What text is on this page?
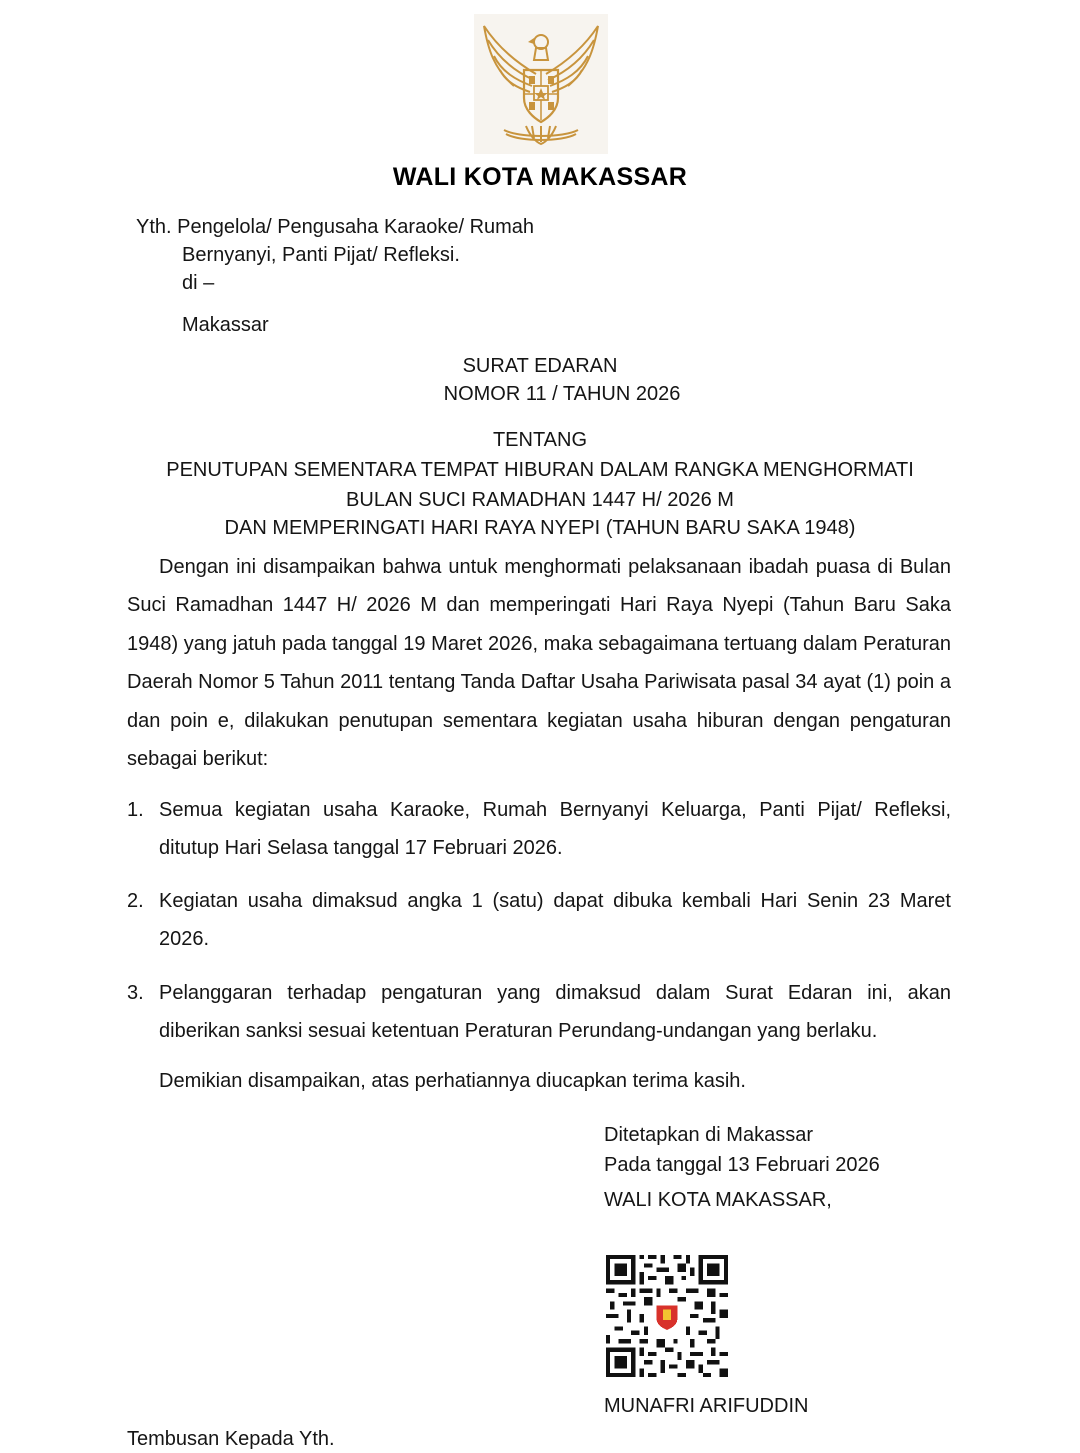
WALI KOTA MAKASSAR
Yth. Pengelola/ Pengusaha Karaoke/ Rumah
Bernyanyi, Panti Pijat/ Refleksi.
di –
Makassar
SURAT EDARAN
NOMOR 11 / TAHUN 2026
TENTANG
PENUTUPAN SEMENTARA TEMPAT HIBURAN DALAM RANGKA MENGHORMATI
BULAN SUCI RAMADHAN 1447 H/ 2026 M
DAN MEMPERINGATI HARI RAYA NYEPI (TAHUN BARU SAKA 1948)
Dengan ini disampaikan bahwa untuk menghormati pelaksanaan ibadah puasa di Bulan Suci Ramadhan 1447 H/ 2026 M dan memperingati Hari Raya Nyepi (Tahun Baru Saka 1948) yang jatuh pada tanggal 19 Maret 2026, maka sebagaimana tertuang dalam Peraturan Daerah Nomor 5 Tahun 2011 tentang Tanda Daftar Usaha Pariwisata pasal 34 ayat (1) poin a dan poin e, dilakukan penutupan sementara kegiatan usaha hiburan dengan pengaturan sebagai berikut:
1. Semua kegiatan usaha Karaoke, Rumah Bernyanyi Keluarga, Panti Pijat/ Refleksi, ditutup Hari Selasa tanggal 17 Februari 2026.
2. Kegiatan usaha dimaksud angka 1 (satu) dapat dibuka kembali Hari Senin 23 Maret 2026.
3. Pelanggaran terhadap pengaturan yang dimaksud dalam Surat Edaran ini, akan diberikan sanksi sesuai ketentuan Peraturan Perundang-undangan yang berlaku.
Demikian disampaikan, atas perhatiannya diucapkan terima kasih.
Ditetapkan di Makassar
Pada tanggal 13 Februari 2026
WALI KOTA MAKASSAR,
MUNAFRI ARIFUDDIN
Tembusan Kepada Yth.
